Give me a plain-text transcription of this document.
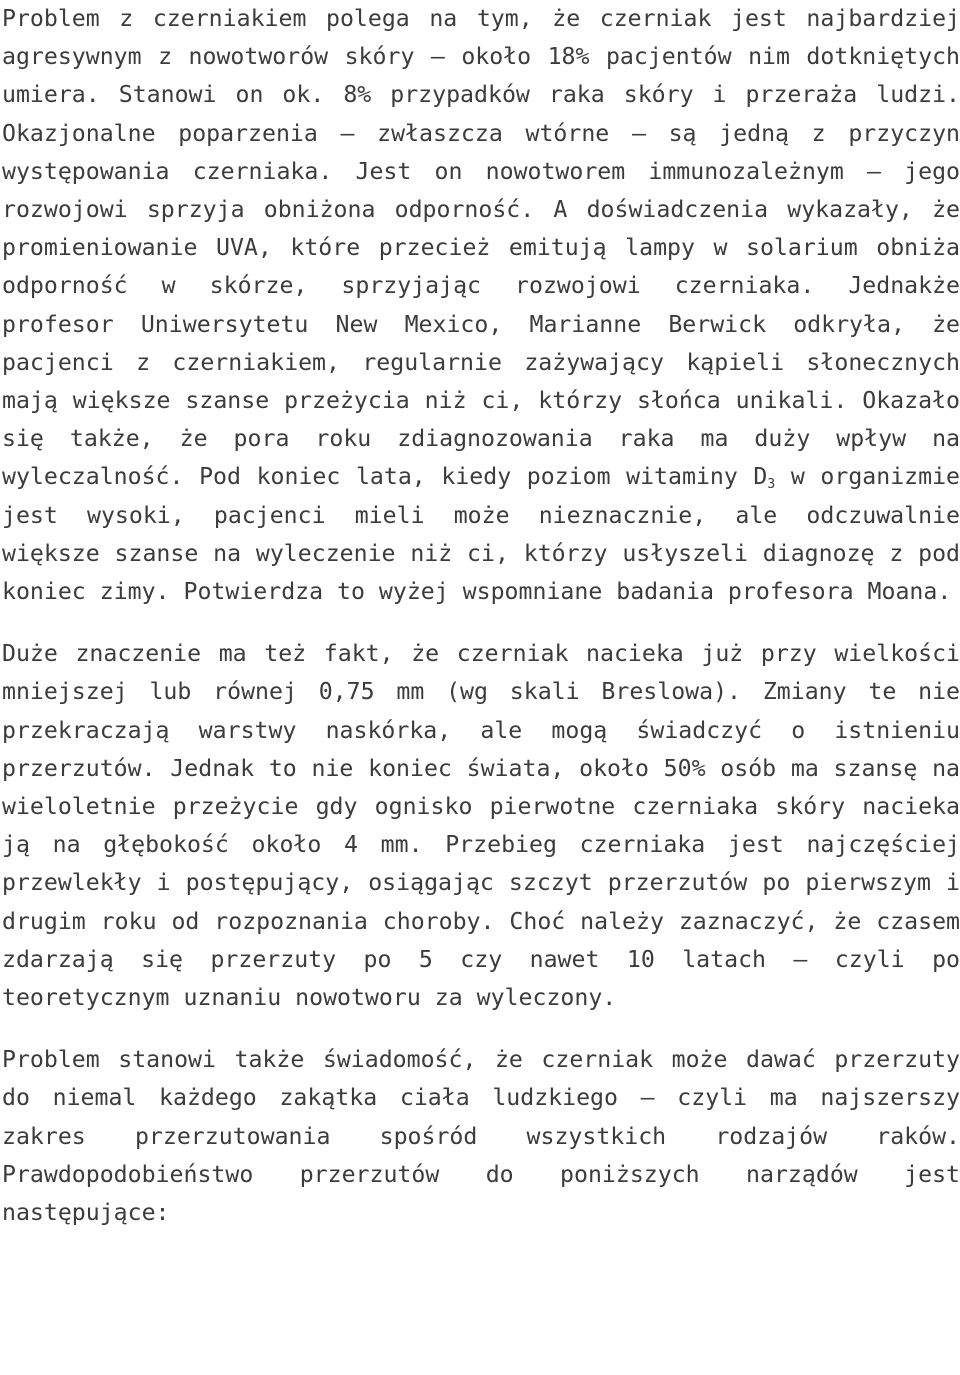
Problem z czerniakiem polega na tym, że czerniak jest najbardziej agresywnym z nowotworów skóry – około 18% pacjentów nim dotkniętych umiera. Stanowi on ok. 8% przypadków raka skóry i przeraża ludzi. Okazjonalne poparzenia – zwłaszcza wtórne – są jedną z przyczyn występowania czerniaka. Jest on nowotworem immunozależnym – jego rozwojowi sprzyja obniżona odporność. A doświadczenia wykazały, że promieniowanie UVA, które przecież emitują lampy w solarium obniża odporność w skórze, sprzyjając rozwojowi czerniaka. Jednakże profesor Uniwersytetu New Mexico, Marianne Berwick odkryła, że pacjenci z czerniakiem, regularnie zażywający kąpieli słonecznych mają większe szanse przeżycia niż ci, którzy słońca unikali. Okazało się także, że pora roku zdiagnozowania raka ma duży wpływ na wyleczalność. Pod koniec lata, kiedy poziom witaminy $D_3$ w organizmie jest wysoki, pacjenci mieli może nieznacznie, ale odczuwalnie większe szanse na wyleczenie niż ci, którzy usłyszeli diagnozę z pod koniec zimy. Potwierdza to wyżej wspomniane badania profesora Moana.

Duże znaczenie ma też fakt, że czerniak nacieka już przy wielkości mniejszej lub równej 0,75 mm (wg skali Breslowa). Zmiany te nie przekraczają warstwy naskórka, ale mogą świadczyć o istnieniu przerzutów. Jednak to nie koniec świata, około 50% osób ma szansę na wieloletnie przeżycie gdy ognisko pierwotne czerniaka skóry nacieka ją na głębokość około 4 mm. Przebieg czerniaka jest najczęściej przewlekły i postępujący, osiągając szczyt przerzutów po pierwszym i drugim roku od rozpoznania choroby. Choć należy zaznaczyć, że czasem zdarzają się przerzuty po 5 czy nawet 10 latach – czyli po teoretycznym uznaniu nowotworu za wyleczony.

Problem stanowi także świadomość, że czerniak może dawać przerzuty do niemal każdego zakątka ciała ludzkiego – czyli ma najszerszy zakres przerzutowania spośród wszystkich rodzajów raków. Prawdopodobieństwo przerzutów do poniższych narządów jest następujące:
